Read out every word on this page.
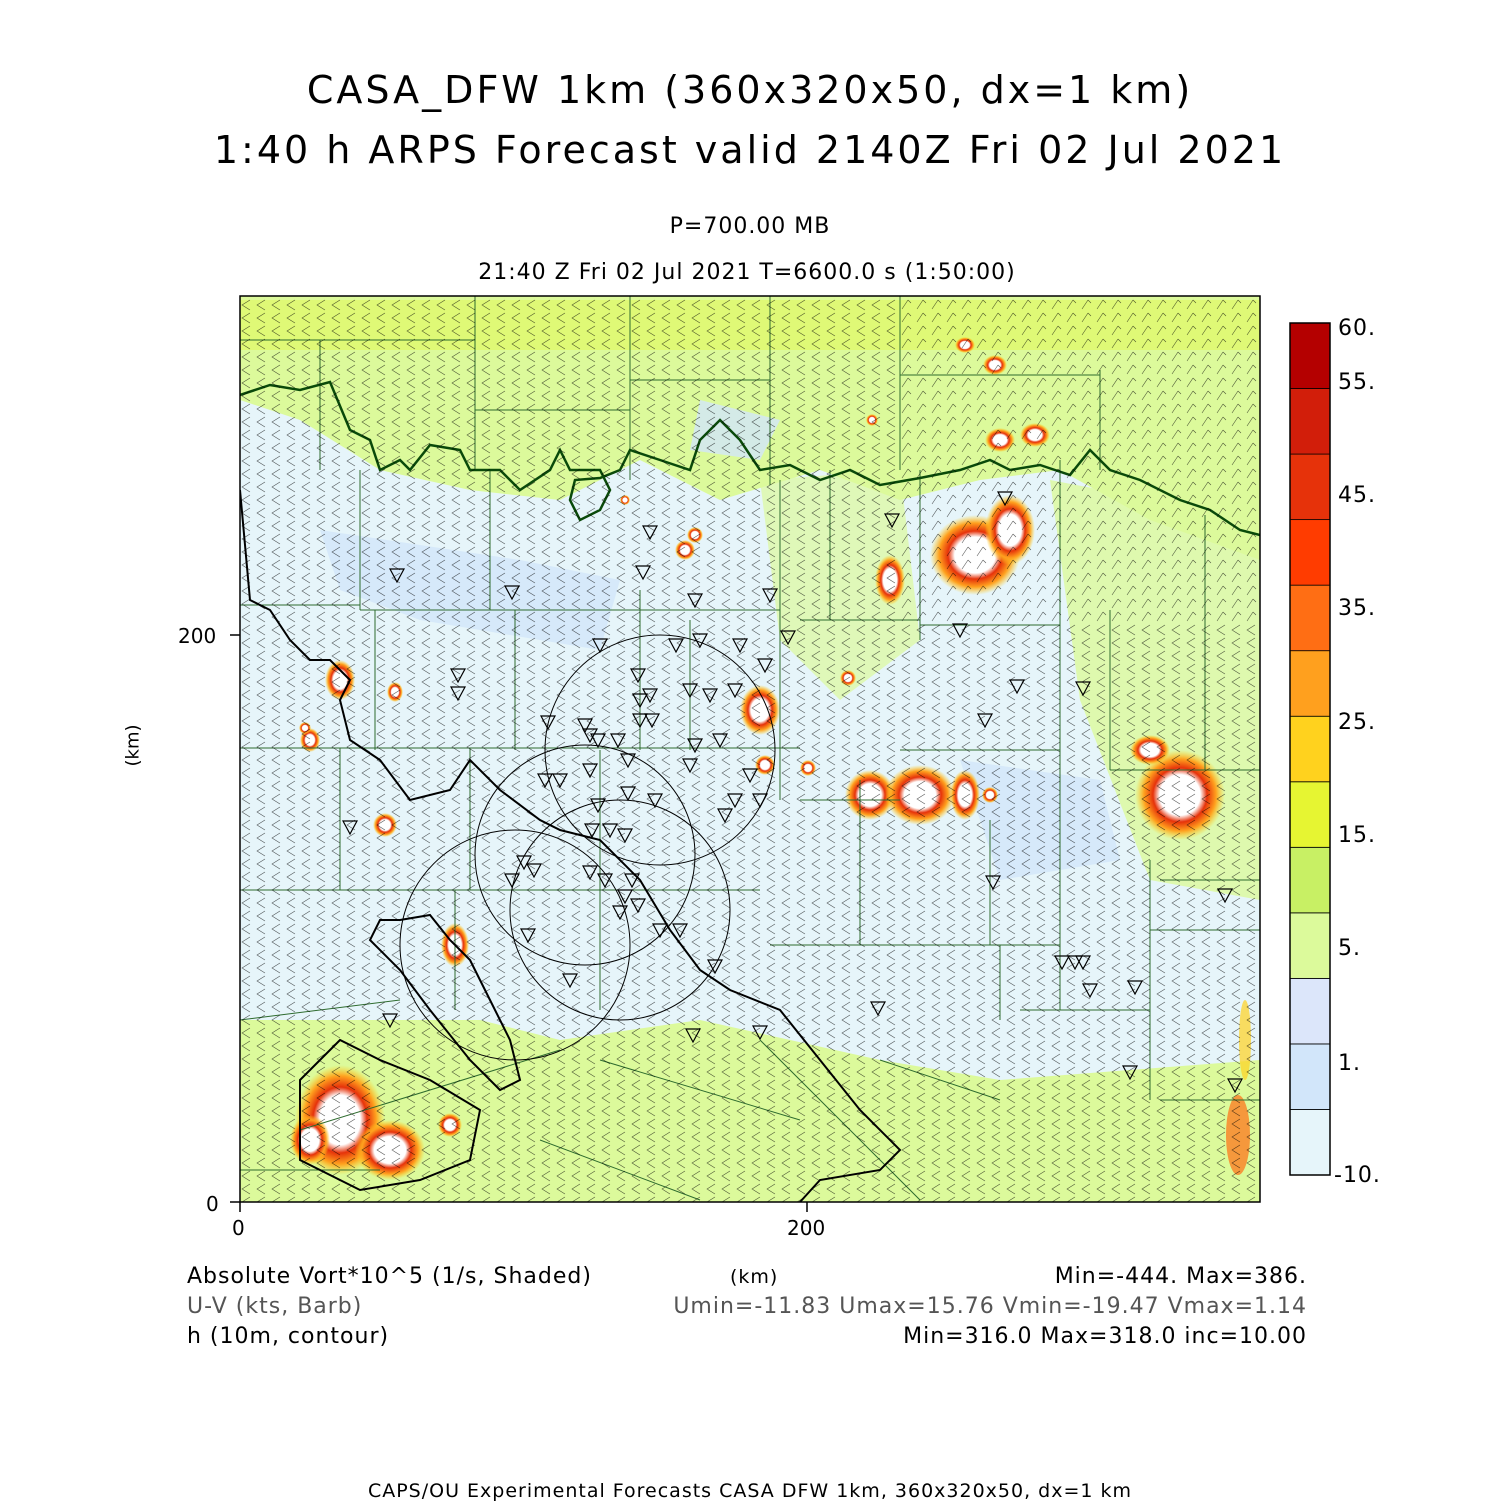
CASA_DFW 1km (360x320x50, dx=1 km)
1:40 h ARPS Forecast valid 2140Z Fri 02 Jul 2021
P=700.00 MB
21:40 Z Fri 02 Jul 2021 T=6600.0 s (1:50:00)
0
200
0	200
(km)
60.
55.
45.
35.
25.
15.
5.
1.
-10.
Absolute Vort*10^5 (1/s, Shaded)	(km)	Min=-444. Max=386.
U-V (kts, Barb)	Umin=-11.83 Umax=15.76 Vmin=-19.47 Vmax=1.14
h (10m, contour)	Min=316.0 Max=318.0 inc=10.00
CAPS/OU Experimental Forecasts CASA DFW 1km, 360x320x50, dx=1 km
